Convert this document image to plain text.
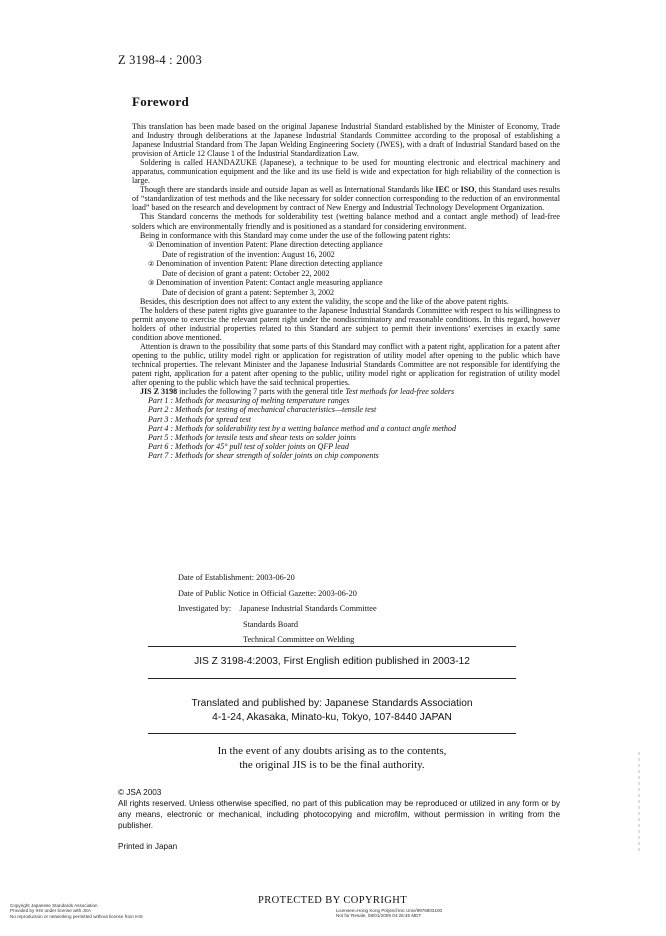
Z 3198-4 : 2003
Foreword

This translation has been made based on the original Japanese Industrial Standard established by the Minister of Economy, Trade and Industry through deliberations at the Japanese Industrial Standards Committee according to the proposal of establishing a Japanese Industrial Standard from The Japan Welding Engineering Society (JWES), with a draft of Industrial Standard based on the provision of Article 12 Clause 1 of the Industrial Standardization Law.

Soldering is called HANDAZUKE (Japanese), a technique to be used for mounting electronic and electrical machinery and apparatus, communication equipment and the like and its use field is wide and expectation for high reliability of the connection is large.

Though there are standards inside and outside Japan as well as International Standards like IEC or ISO, this Standard uses results of “standardization of test methods and the like necessary for solder connection corresponding to the reduction of an environmental load” based on the research and development by contract of New Energy and Industrial Technology Development Organization.

This Standard concerns the methods for solderability test (wetting balance method and a contact angle method) of lead-free solders which are environmentally friendly and is positioned as a standard for considering environment.

Being in conformance with this Standard may come under the use of the following patent rights:

① Denomination of invention Patent: Plane direction detecting appliance

Date of registration of the invention: August 16, 2002

② Denomination of invention Patent: Plane direction detecting appliance

Date of decision of grant a patent: October 22, 2002

③ Denomination of invention Patent: Contact angle measuring appliance

Date of decision of grant a patent: September 3, 2002

Besides, this description does not affect to any extent the validity, the scope and the like of the above patent rights.

The holders of these patent rights give guarantee to the Japanese Industrial Standards Committee with respect to his willingness to permit anyone to exercise the relevant patent right under the nondiscriminatory and reasonable conditions. In this regard, however holders of other industrial properties related to this Standard are subject to permit their inventions’ exercises in exactly same condition above mentioned.

Attention is drawn to the possibility that some parts of this Standard may conflict with a patent right, application for a patent after opening to the public, utility model right or application for registration of utility model after opening to the public which have technical properties. The relevant Minister and the Japanese Industrial Standards Committee are not responsible for identifying the patent right, application for a patent after opening to the public, utility model right or application for registration of utility model after opening to the public which have the said technical properties.

JIS Z 3198 includes the following 7 parts with the general title Test methods for lead-free solders

Part 1 : Methods for measuring of melting temperature ranges
Part 2 : Methods for testing of mechanical characteristics—tensile test
Part 3 : Methods for spread test
Part 4 : Methods for solderability test by a wetting balance method and a contact angle method
Part 5 : Methods for tensile tests and shear tests on solder joints
Part 6 : Methods for 45° pull test of solder joints on QFP lead
Part 7 : Methods for shear strength of solder joints on chip components
Date of Establishment: 2003-06-20
Date of Public Notice in Official Gazette: 2003-06-20
Investigated by: Japanese Industrial Standards Committee
Standards Board
Technical Committee on Welding
JIS Z 3198-4:2003, First English edition published in 2003-12
Translated and published by: Japanese Standards Association
4-1-24, Akasaka, Minato-ku, Tokyo, 107-8440 JAPAN
In the event of any doubts arising as to the contents,
the original JIS is to be the final authority.

© JSA 2003

All rights reserved. Unless otherwise specified, no part of this publication may be reproduced or utilized in any form or by any means, electronic or mechanical, including photocopying and microfilm, without permission in writing from the publisher.

Printed in Japan
PROTECTED BY COPYRIGHT
Copyright Japanese Standards Association
Provided by IHS under license with JSA
No reproduction or networking permitted without license from IHS
Licensee=Hong Kong Polytechnic Univ/9976803100
Not for Resale, 08/01/2009 04:28:45 MDT
